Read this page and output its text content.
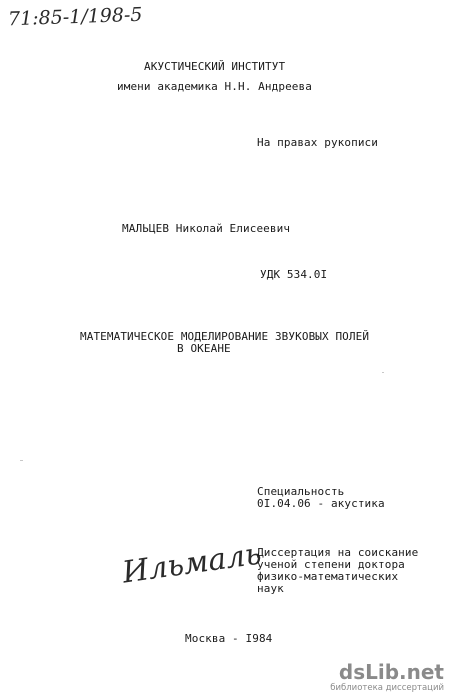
71:85-1/198-5
АКУСТИЧЕСКИЙ ИНСТИТУТ
имени академика Н.Н. Андреева
На правах рукописи
МАЛЬЦЕВ Николай Елисеевич
УДК 534.0I
МАТЕМАТИЧЕСКОЕ МОДЕЛИРОВАНИЕ ЗВУКОВЫХ ПОЛЕЙ
В ОКЕАНЕ
Специальность
0I.04.06 - акустика
Ильмаль
Диссертация на соискание
ученой степени доктора
физико-математических
наук
Москва - I984
dsLib.net
библиотека диссертаций
